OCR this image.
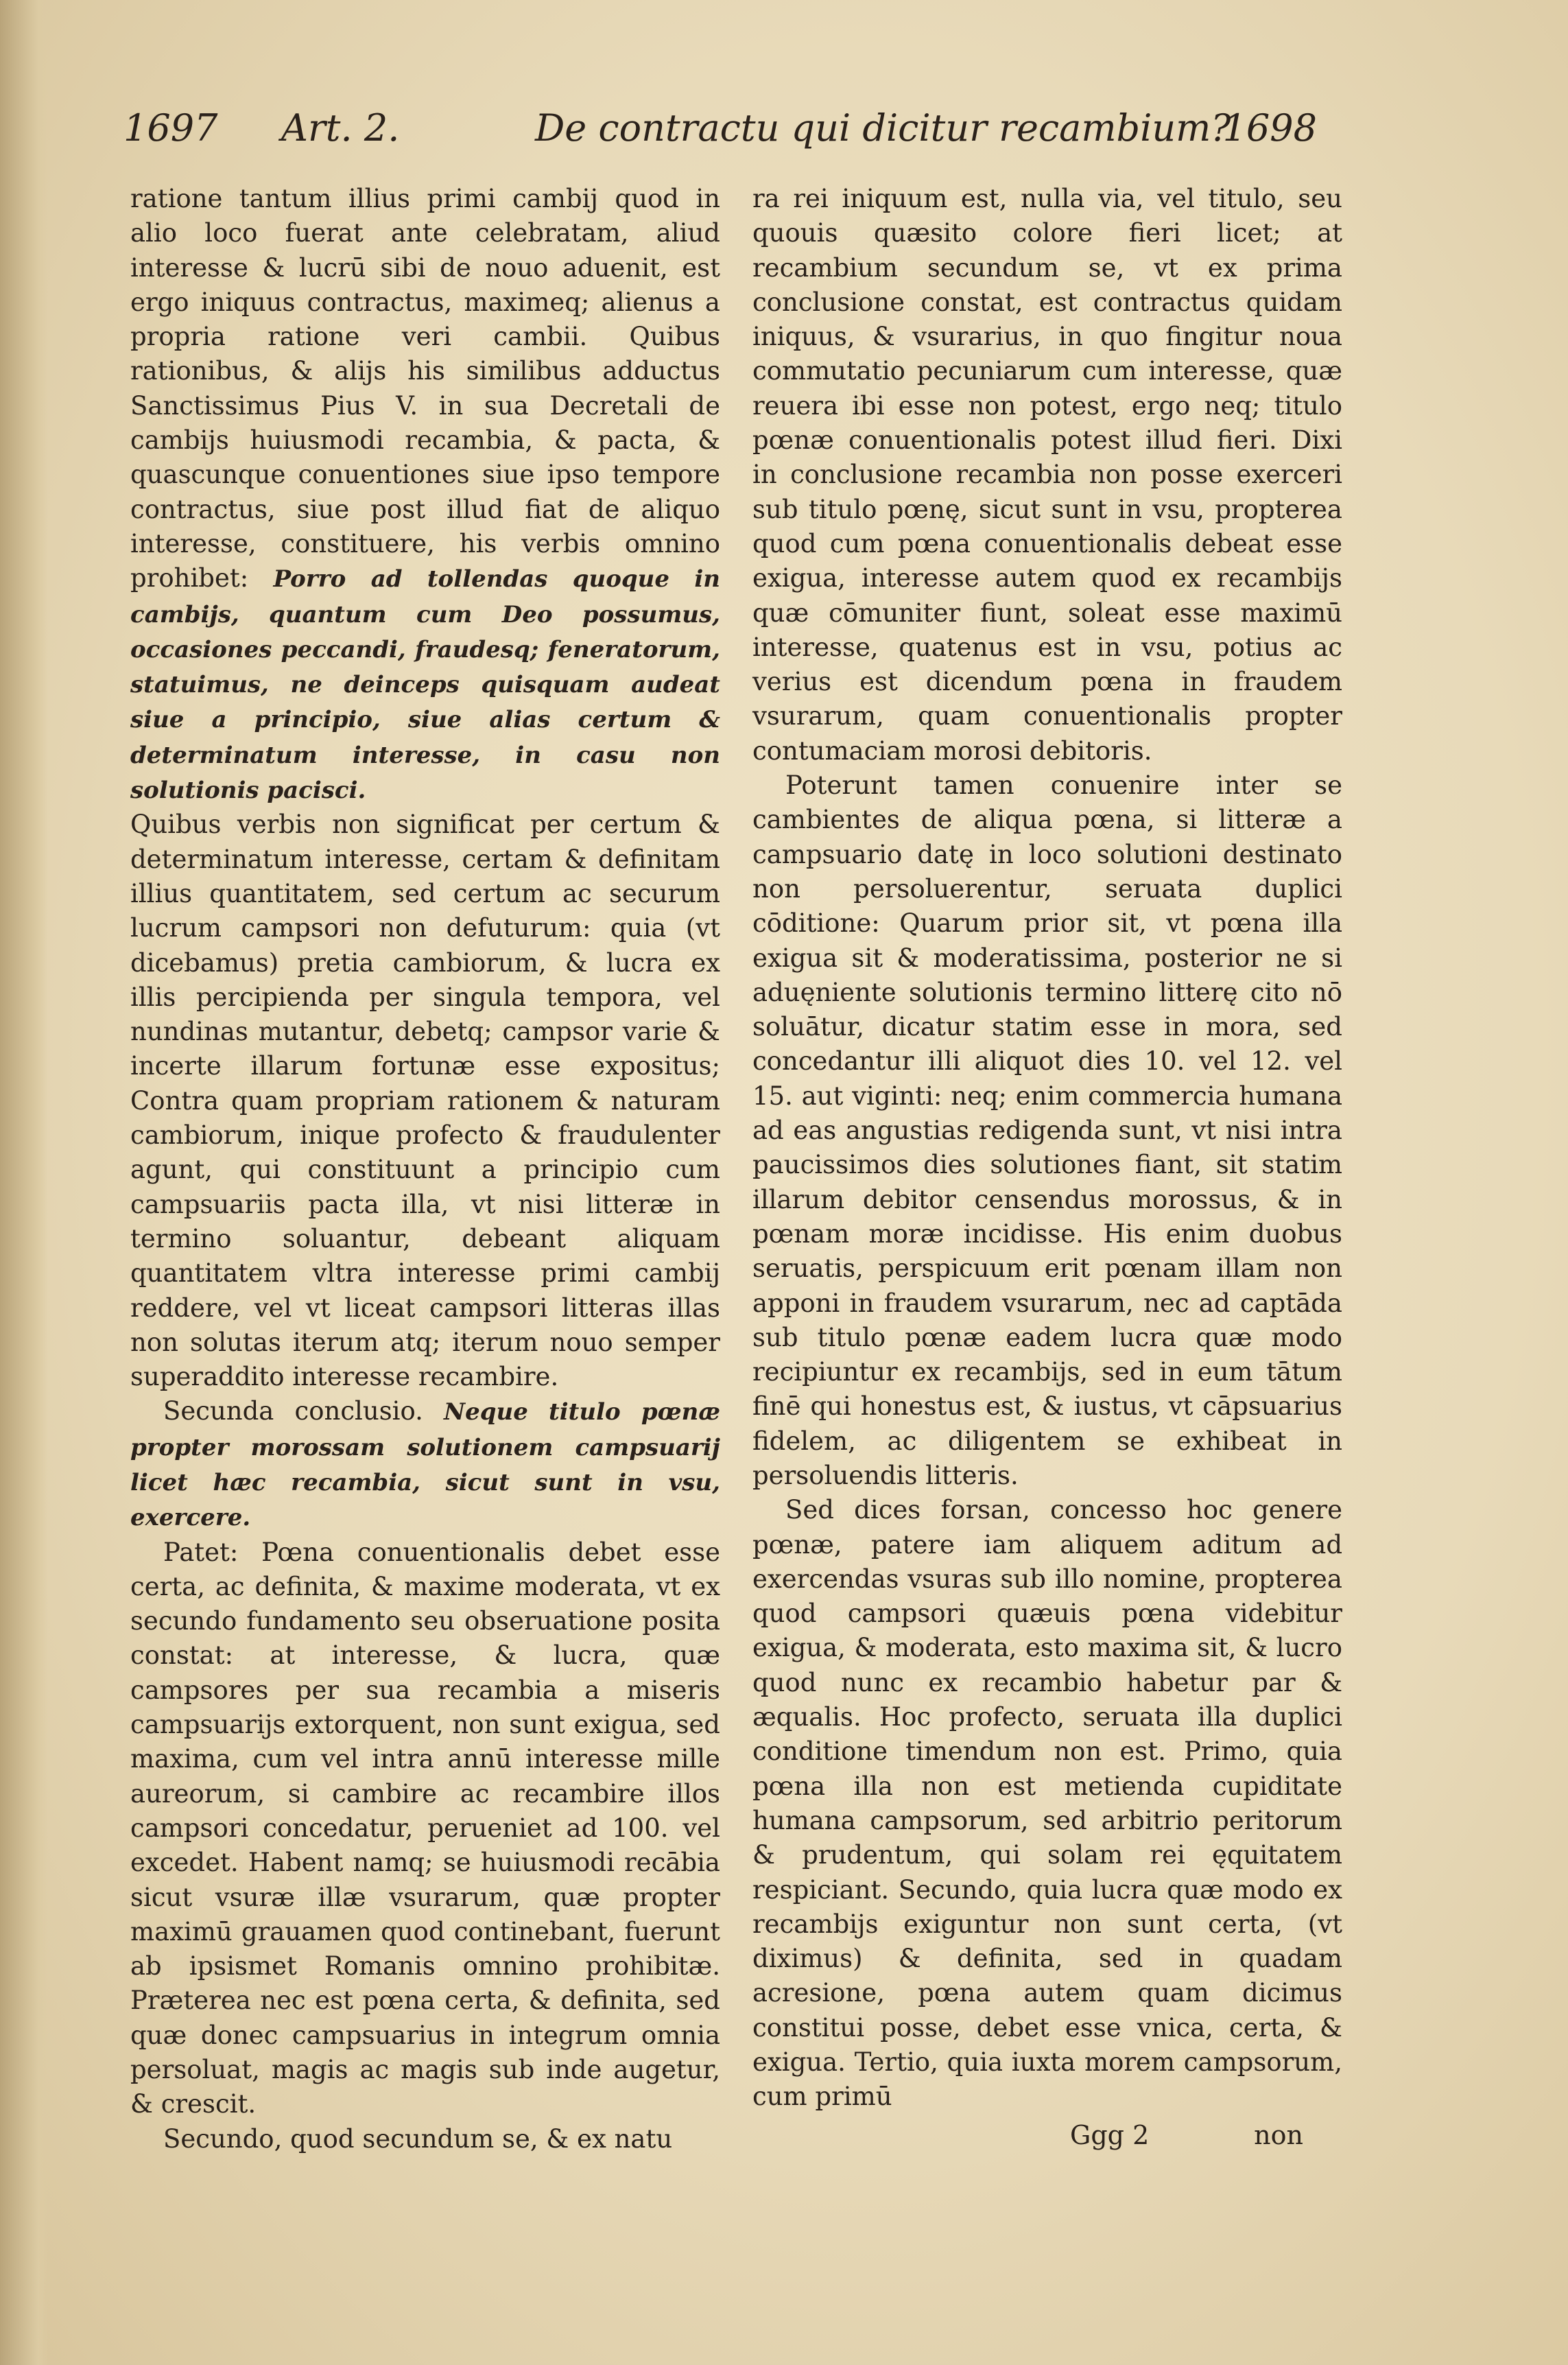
1697 Art. 2.	De contractu qui dicitur recambium?
1698

ratione tantum illius primi cambij quod in alio loco fuerat ante celebratam, aliud interesse & lucrū sibi de nouo aduenit, est ergo iniquus contractus, maximeq; alienus a propria ratione veri cambii. Quibus rationibus, & alijs his similibus adductus Sanctissimus Pius V. in sua Decretali de cambijs huiusmodi recambia, & pacta, & quascunque conuentiones siue ipso tempore contractus, siue post illud fiat de aliquo interesse, constituere, his verbis omnino prohibet: Porro ad tollendas quoque in cambijs, quantum cum Deo possumus, occasiones peccandi, fraudesq; feneratorum, statuimus, ne deinceps quisquam audeat siue a principio, siue alias certum & determinatum interesse, in casu non solutionis pacisci.

Quibus verbis non significat per certum & determinatum interesse, certam & definitam illius quantitatem, sed certum ac securum lucrum campsori non defuturum: quia (vt dicebamus) pretia cambiorum, & lucra ex illis percipienda per singula tempora, vel nundinas mutantur, debetq; campsor varie & incerte illarum fortunæ esse expositus; Contra quam propriam rationem & naturam cambiorum, inique profecto & fraudulenter agunt, qui constituunt a principio cum campsuariis pacta illa, vt nisi litteræ in termino soluantur, debeant aliquam quantitatem vltra interesse primi cambij reddere, vel vt liceat campsori litteras illas non solutas iterum atq; iterum nouo semper superaddito interesse recambire.

Secunda conclusio. Neque titulo pœnæ propter morossam solutionem campsuarij licet hæc recambia, sicut sunt in vsu, exercere.

Patet: Pœna conuentionalis debet esse certa, ac definita, & maxime moderata, vt ex secundo fundamento seu obseruatione posita constat: at interesse, & lucra, quæ campsores per sua recambia a miseris campsuarijs extorquent, non sunt exigua, sed maxima, cum vel intra annū interesse mille aureorum, si cambire ac recambire illos campsori concedatur, perueniet ad 100. vel excedet. Habent namq; se huiusmodi recābia sicut vsuræ illæ vsurarum, quæ propter maximū grauamen quod continebant, fuerunt ab ipsismet Romanis omnino prohibitæ. Præterea nec est pœna certa, & definita, sed quæ donec campsuarius in integrum omnia persoluat, magis ac magis sub inde augetur, & crescit.

Secundo, quod secundum se, & ex natu

ra rei iniquum est, nulla via, vel titulo, seu quouis quæsito colore fieri licet; at recambium secundum se, vt ex prima conclusione constat, est contractus quidam iniquus, & vsurarius, in quo fingitur noua commutatio pecuniarum cum interesse, quæ reuera ibi esse non potest, ergo neq; titulo pœnæ conuentionalis potest illud fieri. Dixi in conclusione recambia non posse exerceri sub titulo pœnę, sicut sunt in vsu, propterea quod cum pœna conuentionalis debeat esse exigua, interesse autem quod ex recambijs quæ cōmuniter fiunt, soleat esse maximū interesse, quatenus est in vsu, potius ac verius est dicendum pœna in fraudem vsurarum, quam conuentionalis propter contumaciam morosi debitoris.

Poterunt tamen conuenire inter se cambientes de aliqua pœna, si litteræ a campsuario datę in loco solutioni destinato non persoluerentur, seruata duplici cōditione: Quarum prior sit, vt pœna illa exigua sit & moderatissima, posterior ne si aduęniente solutionis termino litterę cito nō soluātur, dicatur statim esse in mora, sed concedantur illi aliquot dies 10. vel 12. vel 15. aut viginti: neq; enim commercia humana ad eas angustias redigenda sunt, vt nisi intra paucissimos dies solutiones fiant, sit statim illarum debitor censendus morossus, & in pœnam moræ incidisse. His enim duobus seruatis, perspicuum erit pœnam illam non apponi in fraudem vsurarum, nec ad captāda sub titulo pœnæ eadem lucra quæ modo recipiuntur ex recambijs, sed in eum tātum finē qui honestus est, & iustus, vt cāpsuarius fidelem, ac diligentem se exhibeat in persoluendis litteris.

Sed dices forsan, concesso hoc genere pœnæ, patere iam aliquem aditum ad exercendas vsuras sub illo nomine, propterea quod campsori quæuis pœna videbitur exigua, & moderata, esto maxima sit, & lucro quod nunc ex recambio habetur par & æqualis. Hoc profecto, seruata illa duplici conditione timendum non est. Primo, quia pœna illa non est metienda cupiditate humana campsorum, sed arbitrio peritorum & prudentum, qui solam rei ęquitatem respiciant. Secundo, quia lucra quæ modo ex recambijs exiguntur non sunt certa, (vt diximus) & definita, sed in quadam acresione, pœna autem quam dicimus constitui posse, debet esse vnica, certa, & exigua. Tertio, quia iuxta morem campsorum, cum primū

Ggg 2	non
